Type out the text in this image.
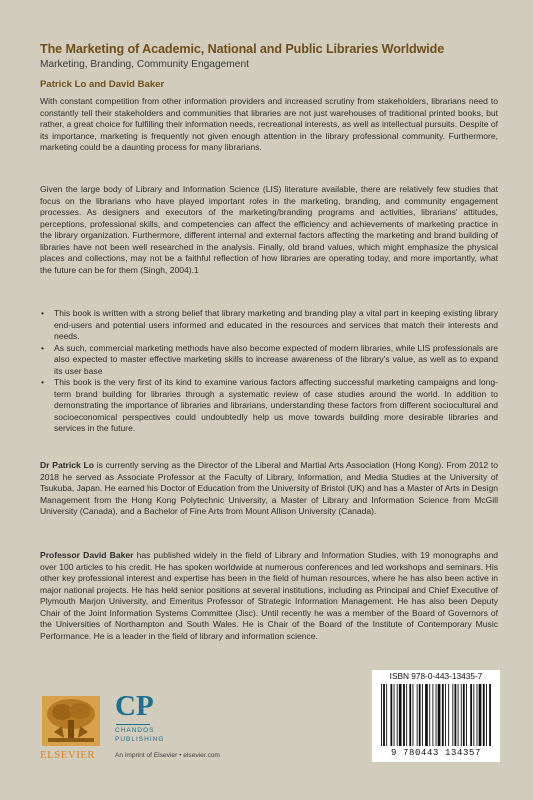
The Marketing of Academic, National and Public Libraries Worldwide
Marketing, Branding, Community Engagement
Patrick Lo and David Baker

With constant competition from other information providers and increased scrutiny from stakeholders, librarians need to constantly tell their stakeholders and communities that libraries are not just warehouses of traditional printed books, but rather, a great choice for fulfilling their information needs, recreational interests, as well as intellectual pursuits. Despite of its importance, marketing is frequently not given enough attention in the library professional community. Furthermore, marketing could be a daunting process for many librarians.

Given the large body of Library and Information Science (LIS) literature available, there are relatively few studies that focus on the librarians who have played important roles in the marketing, branding, and community engagement processes. As designers and executors of the marketing/branding programs and activities, librarians' attitudes, perceptions, professional skills, and competencies can affect the efficiency and achievements of marketing practice in the library organization. Furthermore, different internal and external factors affecting the marketing and brand building of libraries have not been well researched in the analysis. Finally, old brand values, which might emphasize the physical places and collections, may not be a faithful reflection of how libraries are operating today, and more importantly, what the future can be for them (Singh, 2004).1

• This book is written with a strong belief that library marketing and branding play a vital part in keeping existing library end-users and potential users informed and educated in the resources and services that match their interests and needs.
• As such, commercial marketing methods have also become expected of modern libraries, while LIS professionals are also expected to master effective marketing skills to increase awareness of the library's value, as well as to expand its user base
• This book is the very first of its kind to examine various factors affecting successful marketing campaigns and long-term brand building for libraries through a systematic review of case studies around the world. In addition to demonstrating the importance of libraries and librarians, understanding these factors from different sociocultural and socioeconomical perspectives could undoubtedly help us move towards building more desirable libraries and services in the future.

Dr Patrick Lo is currently serving as the Director of the Liberal and Martial Arts Association (Hong Kong). From 2012 to 2018 he served as Associate Professor at the Faculty of Library, Information, and Media Studies at the University of Tsukuba, Japan. He earned his Doctor of Education from the University of Bristol (UK) and has a Master of Arts in Design Management from the Hong Kong Polytechnic University, a Master of Library and Information Science from McGill University (Canada), and a Bachelor of Fine Arts from Mount Allison University (Canada).

Professor David Baker has published widely in the field of Library and Information Studies, with 19 monographs and over 100 articles to his credit. He has spoken worldwide at numerous conferences and led workshops and seminars. His other key professional interest and expertise has been in the field of human resources, where he has also been active in major national projects. He has held senior positions at several institutions, including as Principal and Chief Executive of Plymouth Marjon University, and Emeritus Professor of Strategic Information Management. He has also been Deputy Chair of the Joint Information Systems Committee (Jisc). Until recently he was a member of the Board of Governors of the Universities of Northampton and South Wales. He is Chair of the Board of the Institute of Contemporary Music Performance. He is a leader in the field of library and information science.

ELSEVIER
CP
CHANDOS
PUBLISHING
An imprint of Elsevier • elsevier.com
ISBN 978-0-443-13435-7
9 780443 134357
